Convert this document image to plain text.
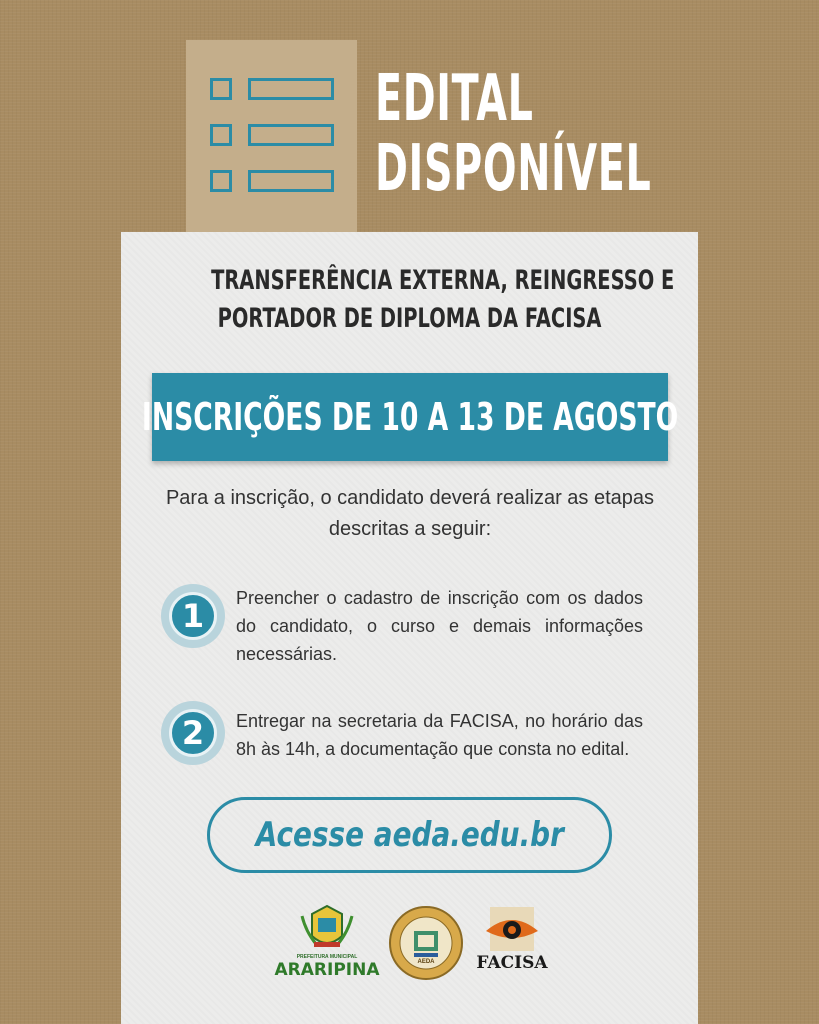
EDITAL
DISPONÍVEL
TRANSFERÊNCIA EXTERNA, REINGRESSO E
PORTADOR DE DIPLOMA DA FACISA
INSCRIÇÕES DE 10 A 13 DE AGOSTO
Para a inscrição, o candidato deverá realizar as etapas descritas a seguir:
1	Preencher o cadastro de inscrição com os dados do candidato, o curso e demais informações necessárias.
2	Entregar na secretaria da FACISA, no horário das 8h às 14h, a documentação que consta no edital.
Acesse aeda.edu.br
PREFEITURA MUNICIPAL
ARARIPINA	AEDA	FACISA
